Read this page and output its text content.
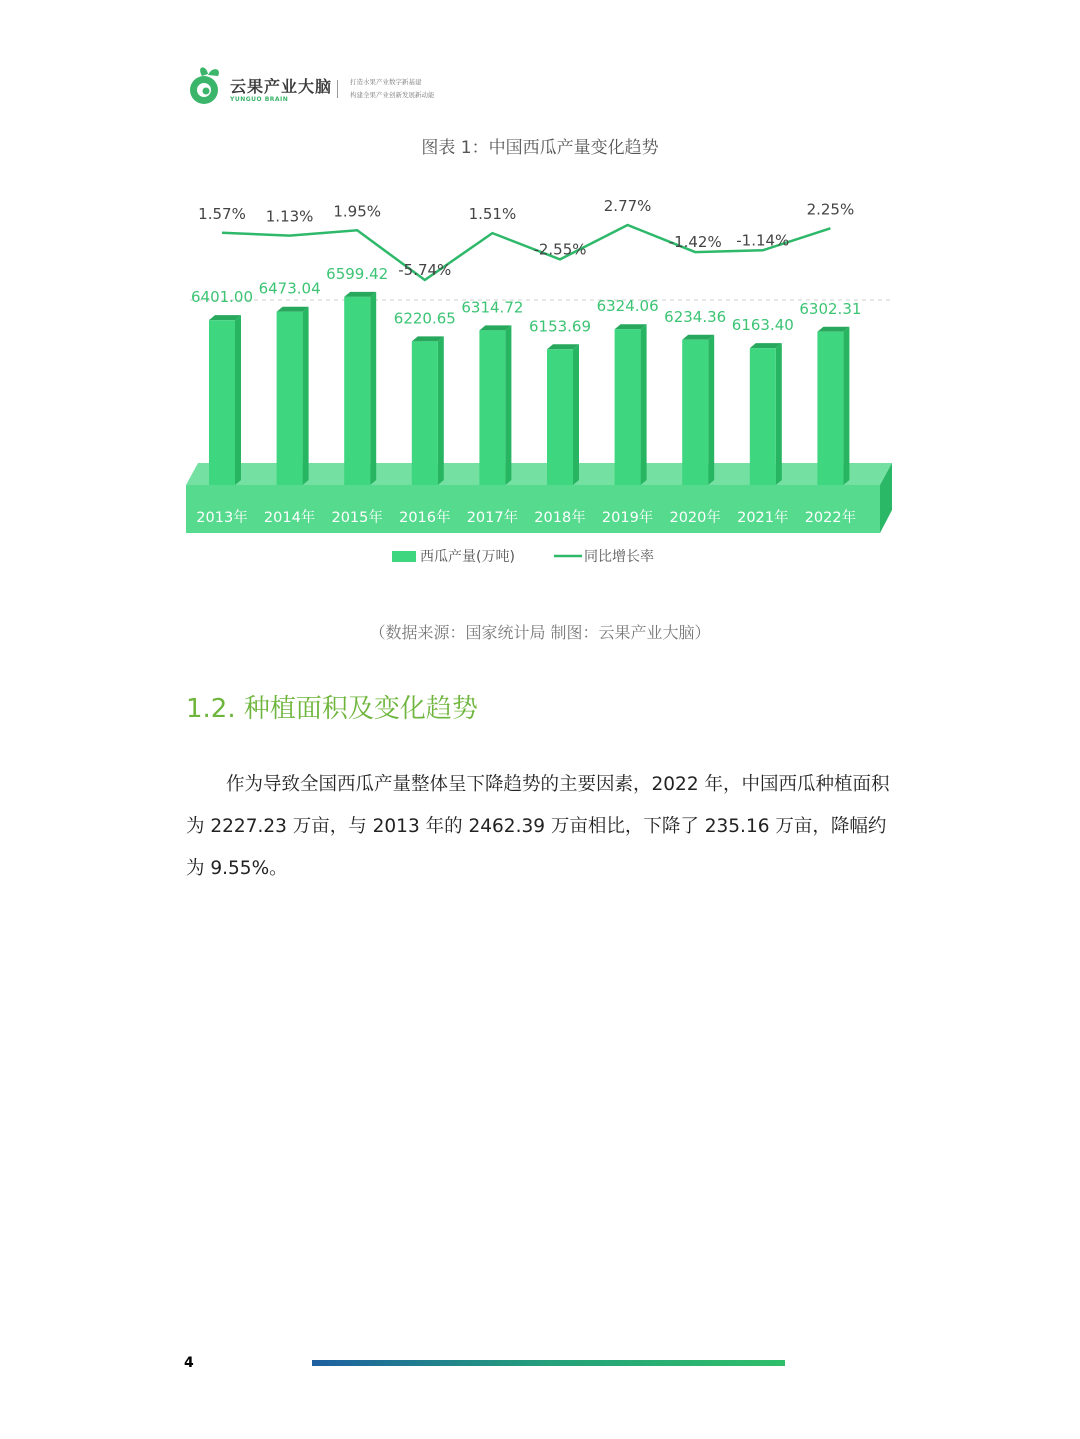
云果产业大脑
YUNGUO BRAIN
打造水果产业数字新基建
构建全果产业创新发展新动能
图表 1：中国西瓜产量变化趋势
6401.00
2013年
6473.04
2014年
6599.42
2015年
6220.65
2016年
6314.72
2017年
6153.69
2018年
6324.06
2019年
6234.36
2020年
6163.40
2021年
6302.31
2022年
1.57% 1.13% 1.95%
-5.74%
1.51%
-2.55%
2.77%
-1.42% -1.14%
2.25%
西瓜产量(万吨)	同比增长率
（数据来源：国家统计局 制图：云果产业大脑）
1.2. 种植面积及变化趋势
作为导致全国西瓜产量整体呈下降趋势的主要因素，2022 年，中国西瓜种植面积为 2227.23 万亩，与 2013 年的 2462.39 万亩相比，下降了 235.16 万亩，降幅约为 9.55%。
4
